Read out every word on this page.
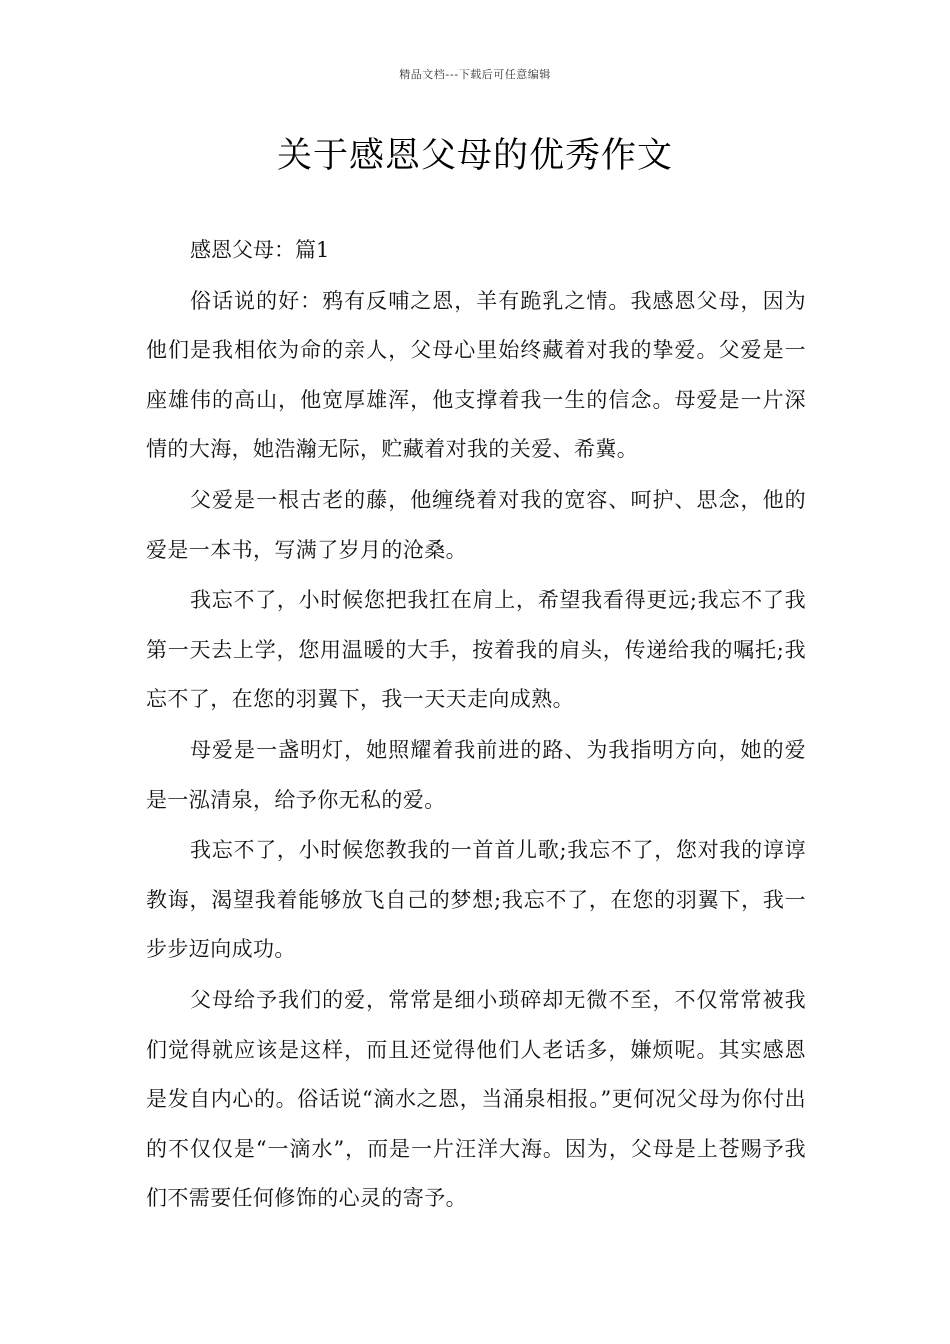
精品文档---下载后可任意编辑
关于感恩父母的优秀作文

感恩父母：篇1

俗话说的好：鸦有反哺之恩，羊有跪乳之情。我感恩父母，因为他们是我相依为命的亲人，父母心里始终藏着对我的挚爱。父爱是一座雄伟的高山，他宽厚雄浑，他支撑着我一生的信念。母爱是一片深情的大海，她浩瀚无际，贮藏着对我的关爱、希冀。

父爱是一根古老的藤，他缠绕着对我的宽容、呵护、思念，他的爱是一本书，写满了岁月的沧桑。

我忘不了，小时候您把我扛在肩上，希望我看得更远;我忘不了我第一天去上学，您用温暖的大手，按着我的肩头，传递给我的嘱托;我忘不了，在您的羽翼下，我一天天走向成熟。

母爱是一盏明灯，她照耀着我前进的路、为我指明方向，她的爱是一泓清泉，给予你无私的爱。

我忘不了，小时候您教我的一首首儿歌;我忘不了，您对我的谆谆教诲，渴望我着能够放飞自己的梦想;我忘不了，在您的羽翼下，我一步步迈向成功。

父母给予我们的爱，常常是细小琐碎却无微不至，不仅常常被我们觉得就应该是这样，而且还觉得他们人老话多，嫌烦呢。其实感恩是发自内心的。俗话说“滴水之恩，当涌泉相报。”更何况父母为你付出的不仅仅是“一滴水”，而是一片汪洋大海。因为，父母是上苍赐予我们不需要任何修饰的心灵的寄予。
